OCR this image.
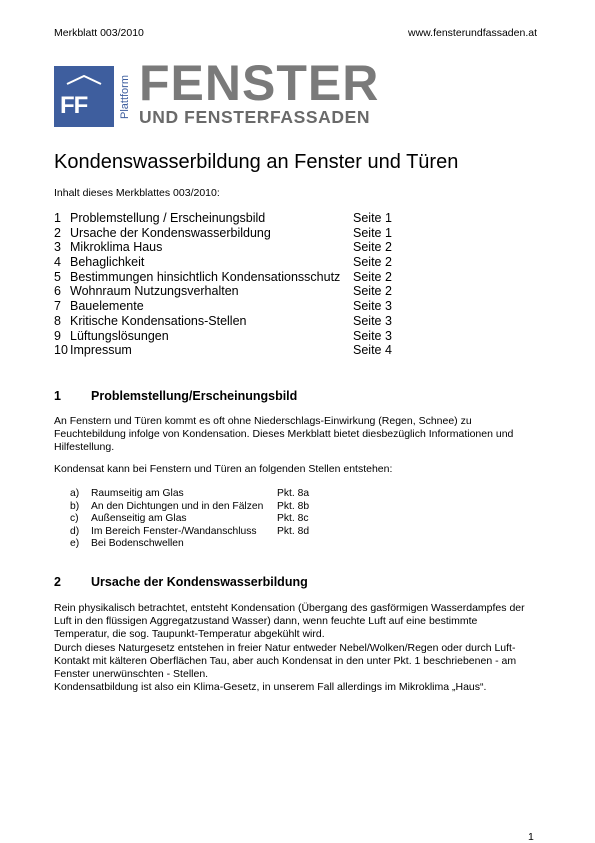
Merkblatt 003/2010	www.fensterundfassaden.at
FF	Plattform FENSTER
UND FENSTERFASSADEN
Kondenswasserbildung an Fenster und Türen
Inhalt dieses Merkblattes 003/2010:
1 Problemstellung / Erscheinungsbild	Seite 1
2 Ursache der Kondenswasserbildung	Seite 1
3 Mikroklima Haus	Seite 2
4 Behaglichkeit	Seite 2
5 Bestimmungen hinsichtlich Kondensationsschutz Seite 2
6 Wohnraum Nutzungsverhalten	Seite 2
7 Bauelemente	Seite 3
8 Kritische Kondensations-Stellen	Seite 3
9 Lüftungslösungen	Seite 3
10 Impressum	Seite 4
1 Problemstellung/Erscheinungsbild
An Fenstern und Türen kommt es oft ohne Niederschlags-Einwirkung (Regen, Schnee) zu
Feuchtebildung infolge von Kondensation. Dieses Merkblatt bietet diesbezüglich Informationen und
Hilfestellung.
Kondensat kann bei Fenstern und Türen an folgenden Stellen entstehen:
a) Raumseitig am Glas	Pkt. 8a
b) An den Dichtungen und in den Fälzen Pkt. 8b
c) Außenseitig am Glas	Pkt. 8c
d) Im Bereich Fenster-/Wandanschluss Pkt. 8d
e) Bei Bodenschwellen
2 Ursache der Kondenswasserbildung
Rein physikalisch betrachtet, entsteht Kondensation (Übergang des gasförmigen Wasserdampfes der
Luft in den flüssigen Aggregatzustand Wasser) dann, wenn feuchte Luft auf eine bestimmte
Temperatur, die sog. Taupunkt-Temperatur abgekühlt wird.
Durch dieses Naturgesetz entstehen in freier Natur entweder Nebel/Wolken/Regen oder durch Luft-
Kontakt mit kälteren Oberflächen Tau, aber auch Kondensat in den unter Pkt. 1 beschriebenen - am
Fenster unerwünschten - Stellen.
Kondensatbildung ist also ein Klima-Gesetz, in unserem Fall allerdings im Mikroklima „Haus“.
1
